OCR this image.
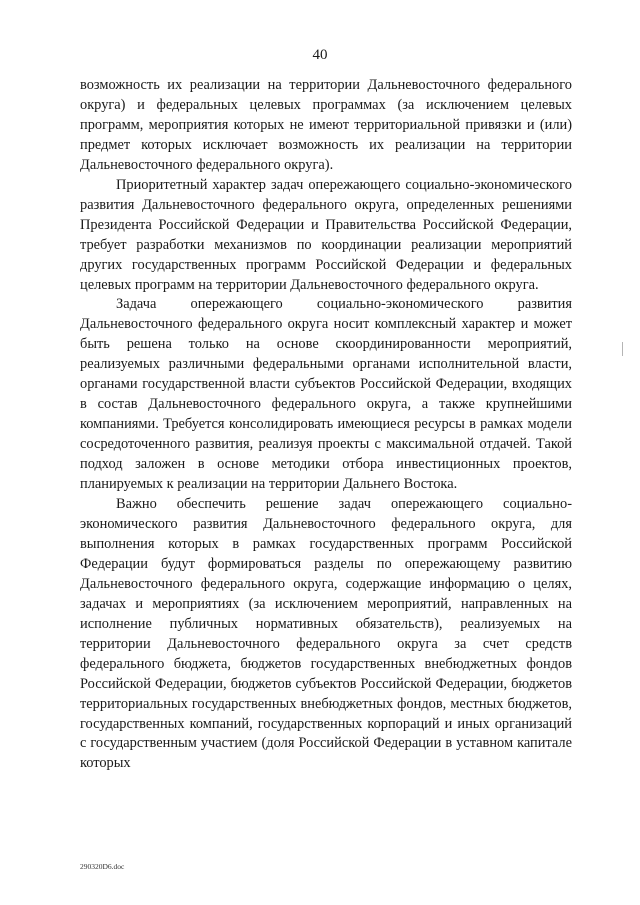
40

возможность их реализации на территории Дальневосточного федерального округа) и федеральных целевых программах (за исключением целевых программ, мероприятия которых не имеют территориальной привязки и (или) предмет которых исключает возможность их реализации на территории Дальневосточного федерального округа).

Приоритетный характер задач опережающего социально-экономического развития Дальневосточного федерального округа, определенных решениями Президента Российской Федерации и Правительства Российской Федерации, требует разработки механизмов по координации реализации мероприятий других государственных программ Российской Федерации и федеральных целевых программ на территории Дальневосточного федерального округа.

Задача опережающего социально-экономического развития Дальневосточного федерального округа носит комплексный характер и может быть решена только на основе скоординированности мероприятий, реализуемых различными федеральными органами исполнительной власти, органами государственной власти субъектов Российской Федерации, входящих в состав Дальневосточного федерального округа, а также крупнейшими компаниями. Требуется консолидировать имеющиеся ресурсы в рамках модели сосредоточенного развития, реализуя проекты с максимальной отдачей. Такой подход заложен в основе методики отбора инвестиционных проектов, планируемых к реализации на территории Дальнего Востока.

Важно обеспечить решение задач опережающего социально-экономического развития Дальневосточного федерального округа, для выполнения которых в рамках государственных программ Российской Федерации будут формироваться разделы по опережающему развитию Дальневосточного федерального округа, содержащие информацию о целях, задачах и мероприятиях (за исключением мероприятий, направленных на исполнение публичных нормативных обязательств), реализуемых на территории Дальневосточного федерального округа за счет средств федерального бюджета, бюджетов государственных внебюджетных фондов Российской Федерации, бюджетов субъектов Российской Федерации, бюджетов территориальных государственных внебюджетных фондов, местных бюджетов, государственных компаний, государственных корпораций и иных организаций с государственным участием (доля Российской Федерации в уставном капитале которых

290320D6.doc
